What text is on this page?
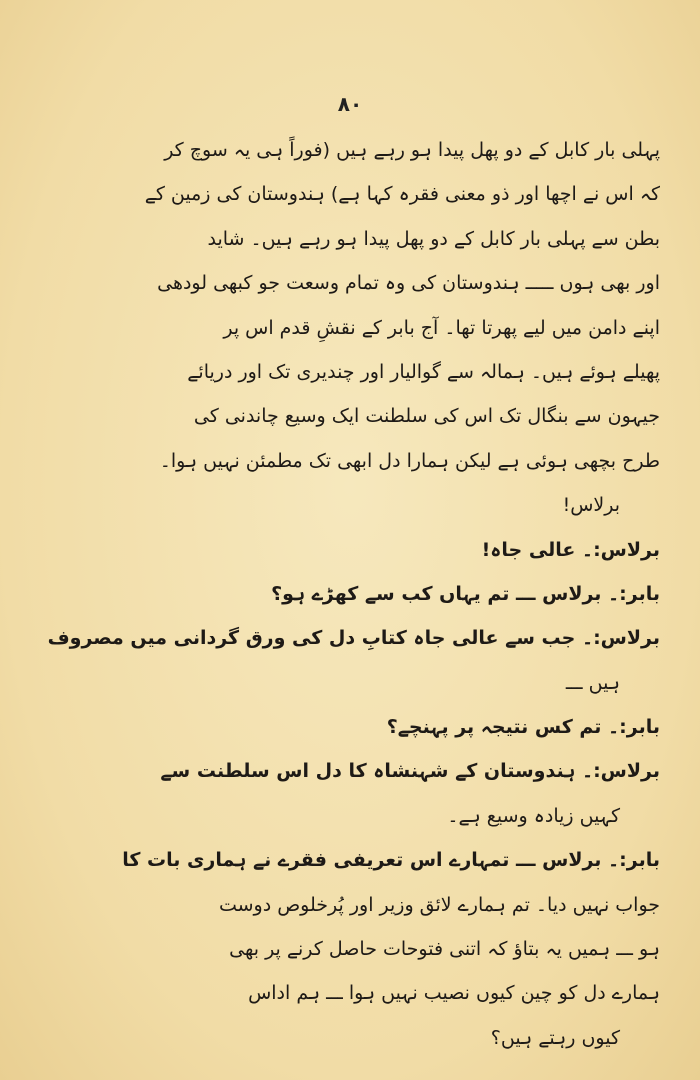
۸۰
پہلی بار کابل کے دو پھل پیدا ہو رہے ہیں (فوراً ہی یہ سوچ کر
کہ اس نے اچھا اور ذو معنی فقرہ کہا ہے) ہندوستان کی زمین کے
بطن سے پہلی بار کابل کے دو پھل پیدا ہو رہے ہیں۔ شاید
اور بھی ہوں ـــــ ہندوستان کی وہ تمام وسعت جو کبھی لودھی
اپنے دامن میں لیے پھرتا تھا۔ آج بابر کے نقشِ قدم اس پر
پھیلے ہوئے ہیں۔ ہمالہ سے گوالیار اور چندیری تک اور دریائے
جیہون سے بنگال تک اس کی سلطنت ایک وسیع چاندنی کی
طرح بچھی ہوئی ہے لیکن ہمارا دل ابھی تک مطمئن نہیں ہوا۔
برلاس!
برلاس:۔ عالی جاہ!
بابر:۔ برلاس ـــ تم یہاں کب سے کھڑے ہو؟
برلاس:۔ جب سے عالی جاہ کتابِ دل کی ورق گردانی میں مصروف
ہیں ـــ
بابر:۔ تم کس نتیجہ پر پہنچے؟
برلاس:۔ ہندوستان کے شہنشاہ کا دل اس سلطنت سے
کہیں زیادہ وسیع ہے۔
بابر:۔ برلاس ـــ تمہارے اس تعریفی فقرے نے ہماری بات کا
جواب نہیں دیا۔ تم ہمارے لائق وزیر اور پُرخلوص دوست
ہو ـــ ہمیں یہ بتاؤ کہ اتنی فتوحات حاصل کرنے پر بھی
ہمارے دل کو چین کیوں نصیب نہیں ہوا ـــ ہم اداس
کیوں رہتے ہیں؟
